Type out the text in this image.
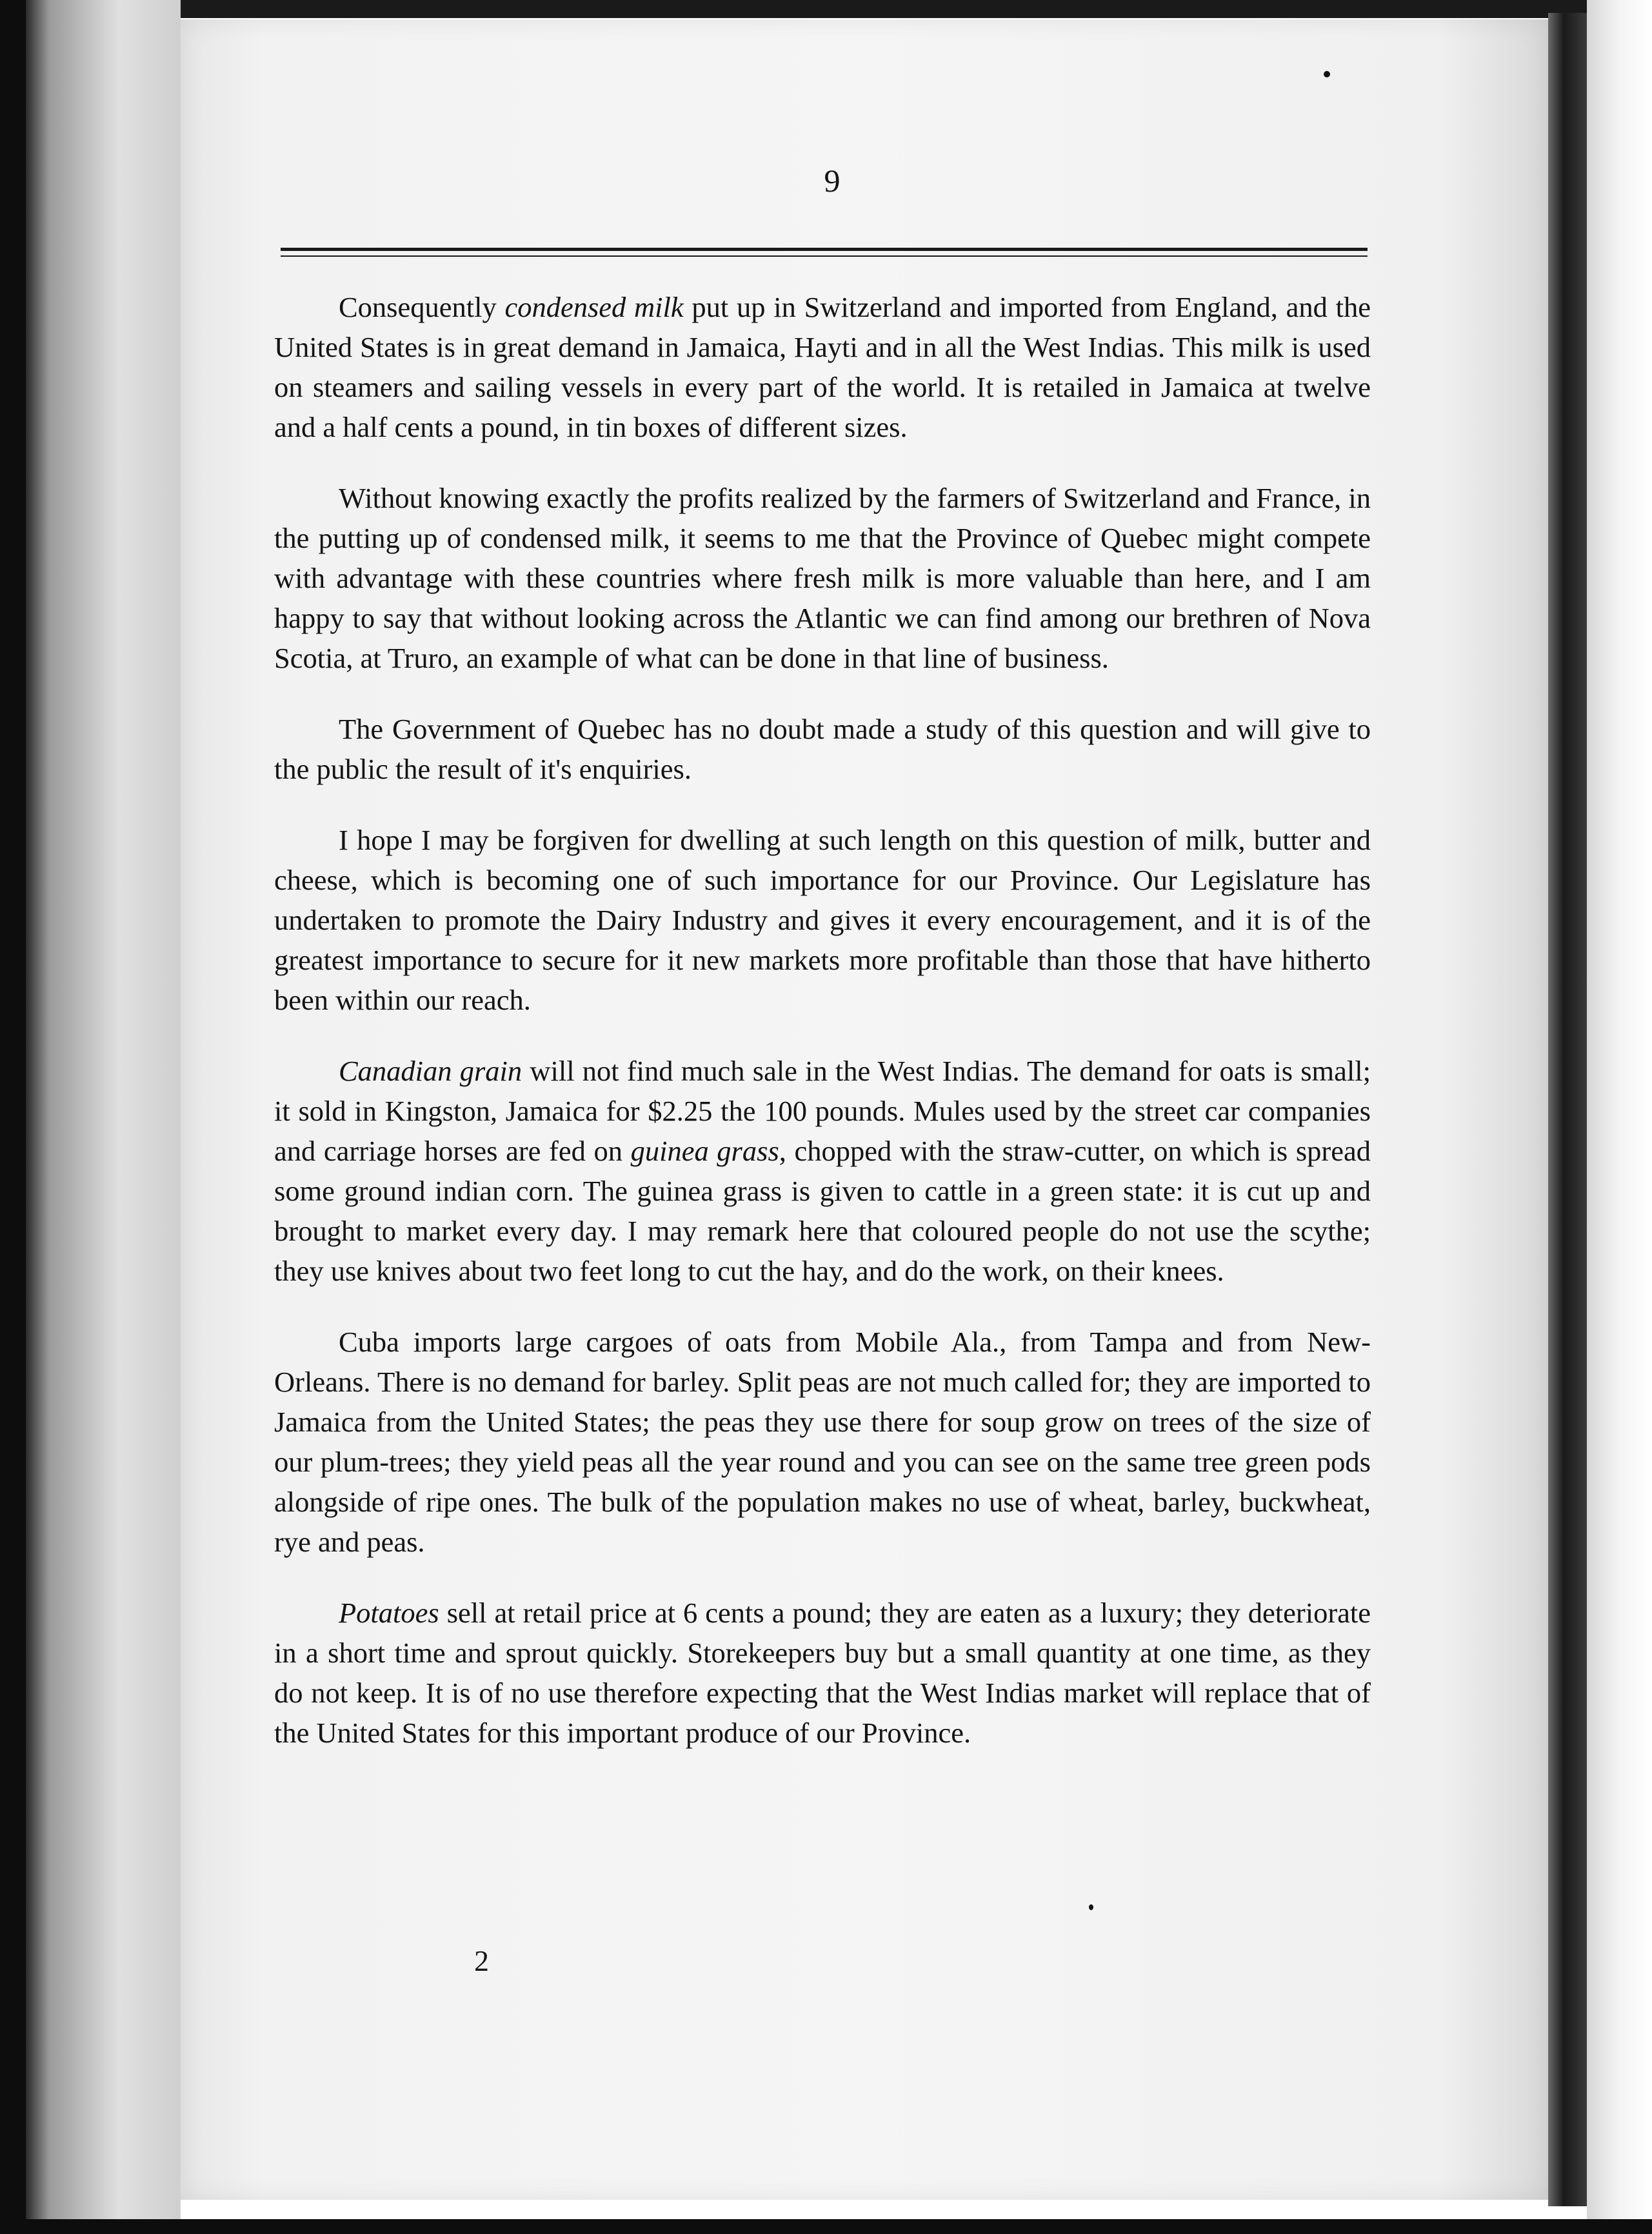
9

Consequently condensed milk put up in Switzerland and imported from England, and the United States is in great demand in Jamaica, Hayti and in all the West Indias. This milk is used on steamers and sailing vessels in every part of the world. It is retailed in Jamaica at twelve and a half cents a pound, in tin boxes of different sizes.

Without knowing exactly the profits realized by the farmers of Switzerland and France, in the putting up of condensed milk, it seems to me that the Province of Quebec might compete with advantage with these countries where fresh milk is more valuable than here, and I am happy to say that without looking across the Atlantic we can find among our brethren of Nova Scotia, at Truro, an example of what can be done in that line of business.

The Government of Quebec has no doubt made a study of this question and will give to the public the result of it's enquiries.

I hope I may be forgiven for dwelling at such length on this question of milk, butter and cheese, which is becoming one of such importance for our Province. Our Legislature has undertaken to promote the Dairy Industry and gives it every encouragement, and it is of the greatest importance to secure for it new markets more profitable than those that have hitherto been within our reach.

Canadian grain will not find much sale in the West Indias. The demand for oats is small; it sold in Kingston, Jamaica for $2.25 the 100 pounds. Mules used by the street car companies and carriage horses are fed on guinea grass, chopped with the straw-cutter, on which is spread some ground indian corn. The guinea grass is given to cattle in a green state: it is cut up and brought to market every day. I may remark here that coloured people do not use the scythe; they use knives about two feet long to cut the hay, and do the work, on their knees.

Cuba imports large cargoes of oats from Mobile Ala., from Tampa and from New-Orleans. There is no demand for barley. Split peas are not much called for; they are imported to Jamaica from the United States; the peas they use there for soup grow on trees of the size of our plum-trees; they yield peas all the year round and you can see on the same tree green pods alongside of ripe ones. The bulk of the population makes no use of wheat, barley, buckwheat, rye and peas.

Potatoes sell at retail price at 6 cents a pound; they are eaten as a luxury; they deteriorate in a short time and sprout quickly. Storekeepers buy but a small quantity at one time, as they do not keep. It is of no use therefore expecting that the West Indias market will replace that of the United States for this important produce of our Province.

2
